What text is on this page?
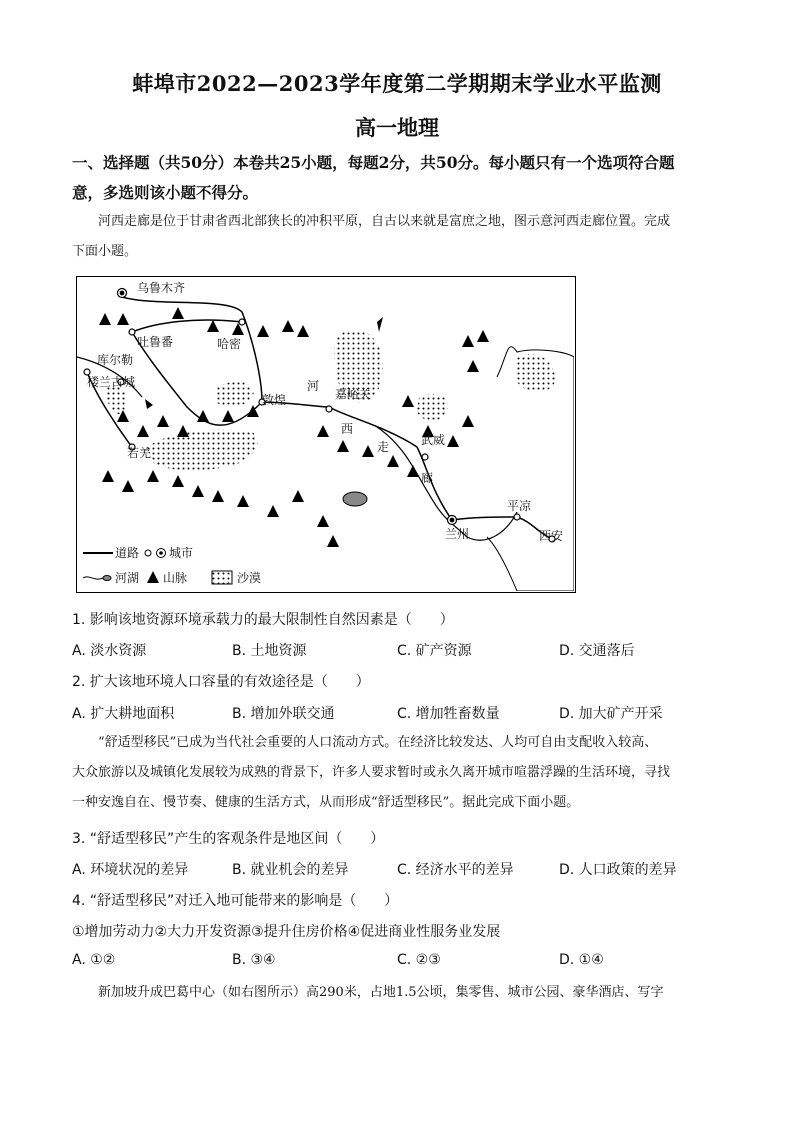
蚌埠市2022—2023学年度第二学期期末学业水平监测
高一地理
一、选择题（共50分）本卷共25小题，每题2分，共50分。每小题只有一个选项符合题
意，多选则该小题不得分。
河西走廊是位于甘肃省西北部狭长的冲积平原，自古以来就是富庶之地，图示意河西走廊位置。完成
下面小题。
乌鲁木齐
吐鲁番	哈密
库尔勒
楼兰古城
若羌
敦煌	嘉峪关
武威
兰州
平凉
西安
河
西
走
廊
道路 城市
河湖 山脉	沙漠
1. 影响该地资源环境承载力的最大限制性自然因素是（　　）
A. 淡水资源	B. 土地资源	C. 矿产资源	D. 交通落后
2. 扩大该地环境人口容量的有效途径是（　　）
A. 扩大耕地面积	B. 增加外联交通	C. 增加牲畜数量	D. 加大矿产开采
“舒适型移民”已成为当代社会重要的人口流动方式。在经济比较发达、人均可自由支配收入较高、
大众旅游以及城镇化发展较为成熟的背景下，许多人要求暂时或永久离开城市喧嚣浮躁的生活环境，寻找
一种安逸自在、慢节奏、健康的生活方式，从而形成“舒适型移民”。据此完成下面小题。
3. “舒适型移民”产生的客观条件是地区间（　　）
A. 环境状况的差异	B. 就业机会的差异	C. 经济水平的差异	D. 人口政策的差异
4. “舒适型移民”对迁入地可能带来的影响是（　　）
①增加劳动力②大力开发资源③提升住房价格④促进商业性服务业发展
A. ①②	B. ③④	C. ②③	D. ①④
新加坡升成巴葛中心（如右图所示）高290米，占地1.5公顷，集零售、城市公园、豪华酒店、写字
